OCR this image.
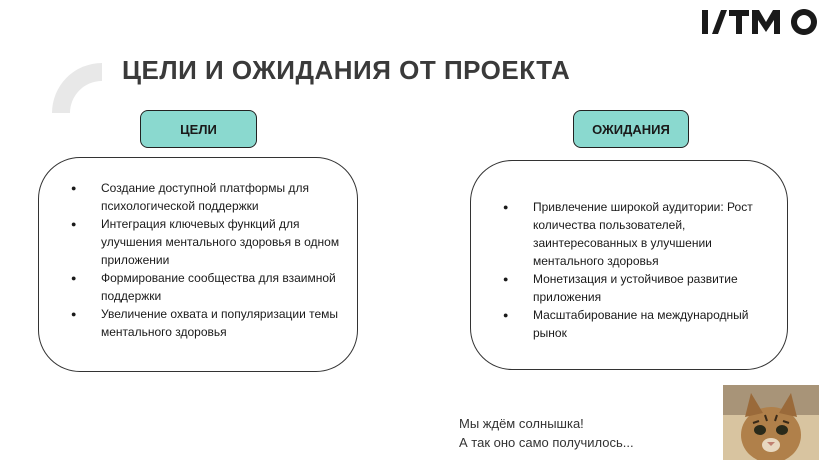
ЦЕЛИ И ОЖИДАНИЯ ОТ ПРОЕКТА
ЦЕЛИ	ОЖИДАНИЯ
● Создание доступной платформы для психологической поддержки
● Интеграция ключевых функций для улучшения ментального здоровья в одном приложении
● Формирование сообщества для взаимной поддержки
● Увеличение охвата и популяризации темы ментального здоровья
● Привлечение широкой аудитории: Рост количества пользователей, заинтересованных в улучшении ментального здоровья
● Монетизация и устойчивое развитие приложения
● Масштабирование на международный рынок
Мы ждём солнышка!
А так оно само получилось...
